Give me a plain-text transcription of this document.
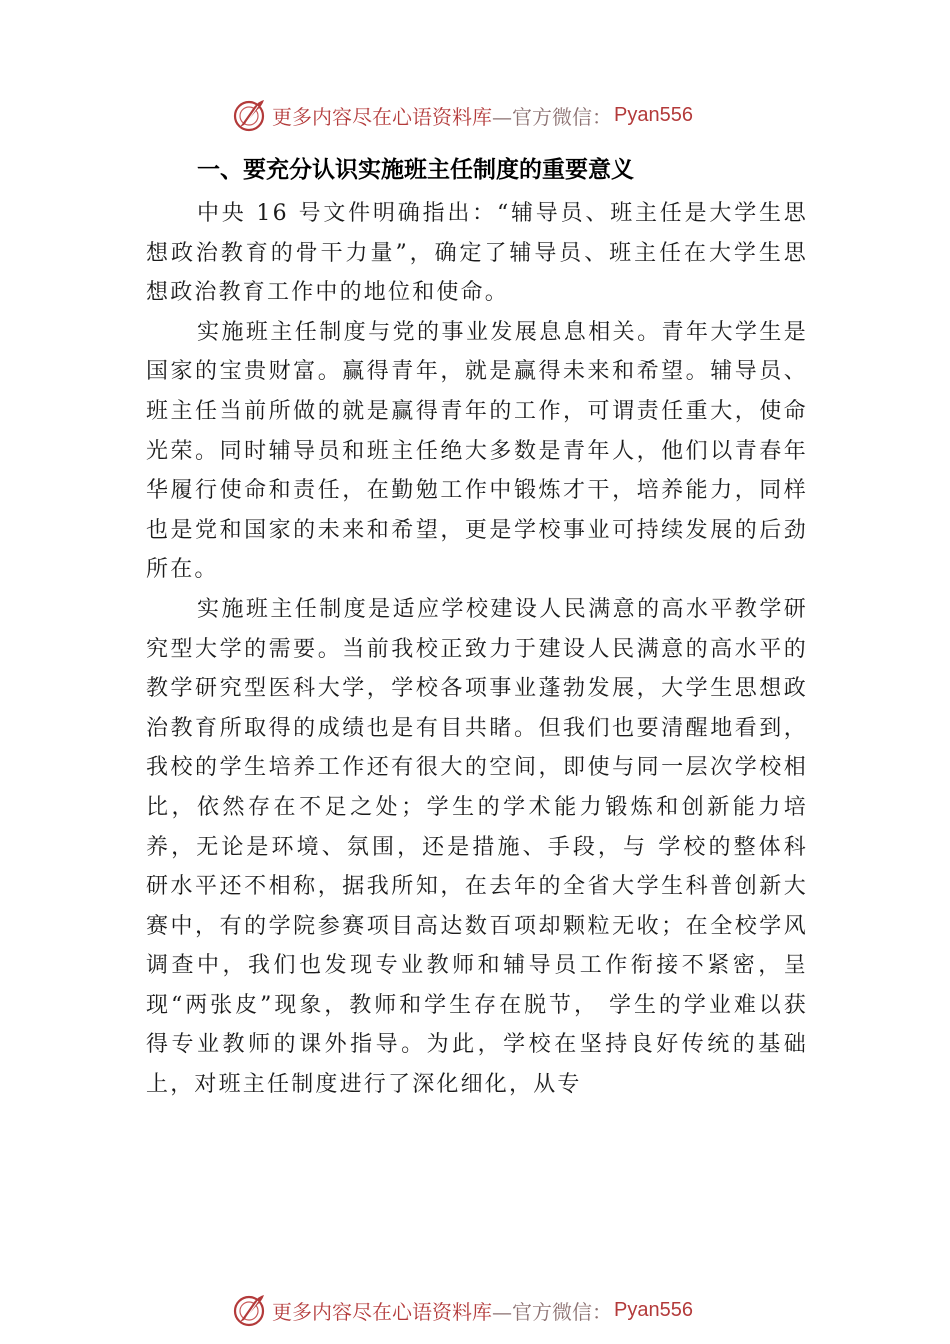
更多内容尽在心语资料库 —官方微信： Pyan556
一、要充分认识实施班主任制度的重要意义

中央 16 号文件明确指出：“辅导员、班主任是大学生思想政治教育的骨干力量”，确定了辅导员、班主任在大学生思想政治教育工作中的地位和使命。

实施班主任制度与党的事业发展息息相关。青年大学生是国家的宝贵财富。赢得青年，就是赢得未来和希望。辅导员、班主任当前所做的就是赢得青年的工作，可谓责任重大，使命光荣。同时辅导员和班主任绝大多数是青年人，他们以青春年华履行使命和责任，在勤勉工作中锻炼才干，培养能力，同样也是党和国家的未来和希望，更是学校事业可持续发展的后劲所在。

实施班主任制度是适应学校建设人民满意的高水平教学研究型大学的需要。当前我校正致力于建设人民满意的高水平的教学研究型医科大学，学校各项事业蓬勃发展，大学生思想政治教育所取得的成绩也是有目共睹。但我们也要清醒地看到，我校的学生培养工作还有很大的空间，即使与同一层次学校相比，依然存在不足之处；学生的学术能力锻炼和创新能力培养，无论是环境、氛围，还是措施、手段，与 学校的整体科研水平还不相称，据我所知，在去年的全省大学生科普创新大赛中，有的学院参赛项目高达数百项却颗粒无收；在全校学风调查中，我们也发现专业教师和辅导员工作衔接不紧密，呈现“两张皮”现象，教师和学生存在脱节， 学生的学业难以获得专业教师的课外指导。为此，学校在坚持良好传统的基础上，对班主任制度进行了深化细化，从专

更多内容尽在心语资料库 —官方微信： Pyan556
